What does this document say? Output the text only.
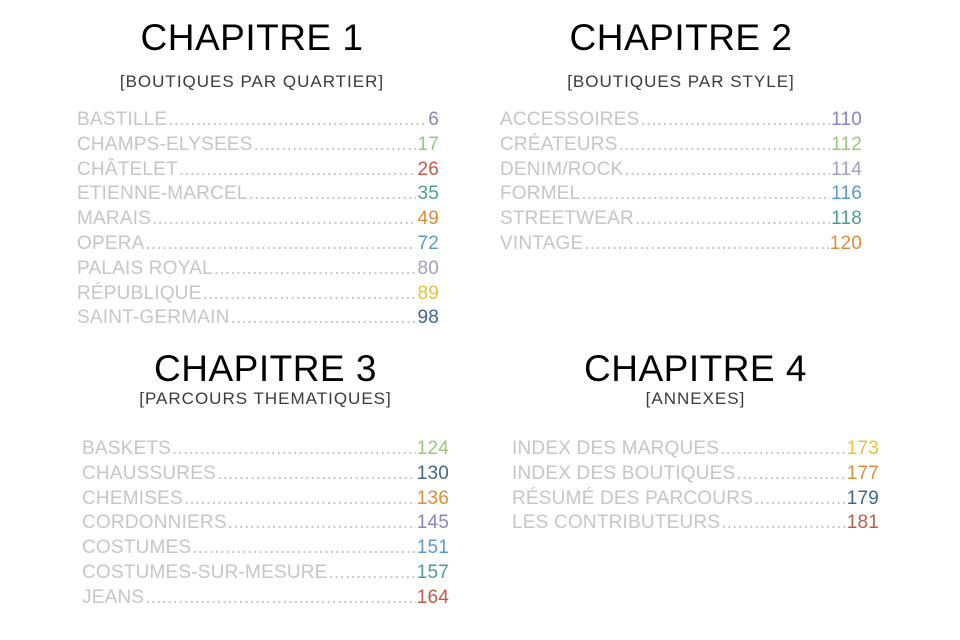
CHAPITRE 1
[BOUTIQUES PAR QUARTIER]
BASTILLE .....	6
CHAMPS-ELYSEES .....	17
CHÂTELET .....	26
ETIENNE-MARCEL .....	35
MARAIS .....	49
OPERA .....	72
PALAIS ROYAL .....	80
RÉPUBLIQUE .....	89
SAINT-GERMAIN .....	98
CHAPITRE 2
[BOUTIQUES PAR STYLE]
ACCESSOIRES .....	110
CRÉATEURS .....	112
DENIM/ROCK .....	114
FORMEL .....	116
STREETWEAR .....	118
VINTAGE .....	120
CHAPITRE 3
[PARCOURS THEMATIQUES]
BASKETS .....	124
CHAUSSURES .....	130
CHEMISES .....	136
CORDONNIERS .....	145
COSTUMES .....	151
COSTUMES-SUR-MESURE .....	157
JEANS .....	164
CHAPITRE 4
[ANNEXES]
INDEX DES MARQUES .....	173
INDEX DES BOUTIQUES .....	177
RÉSUMÉ DES PARCOURS .....	179
LES CONTRIBUTEURS .....	181
